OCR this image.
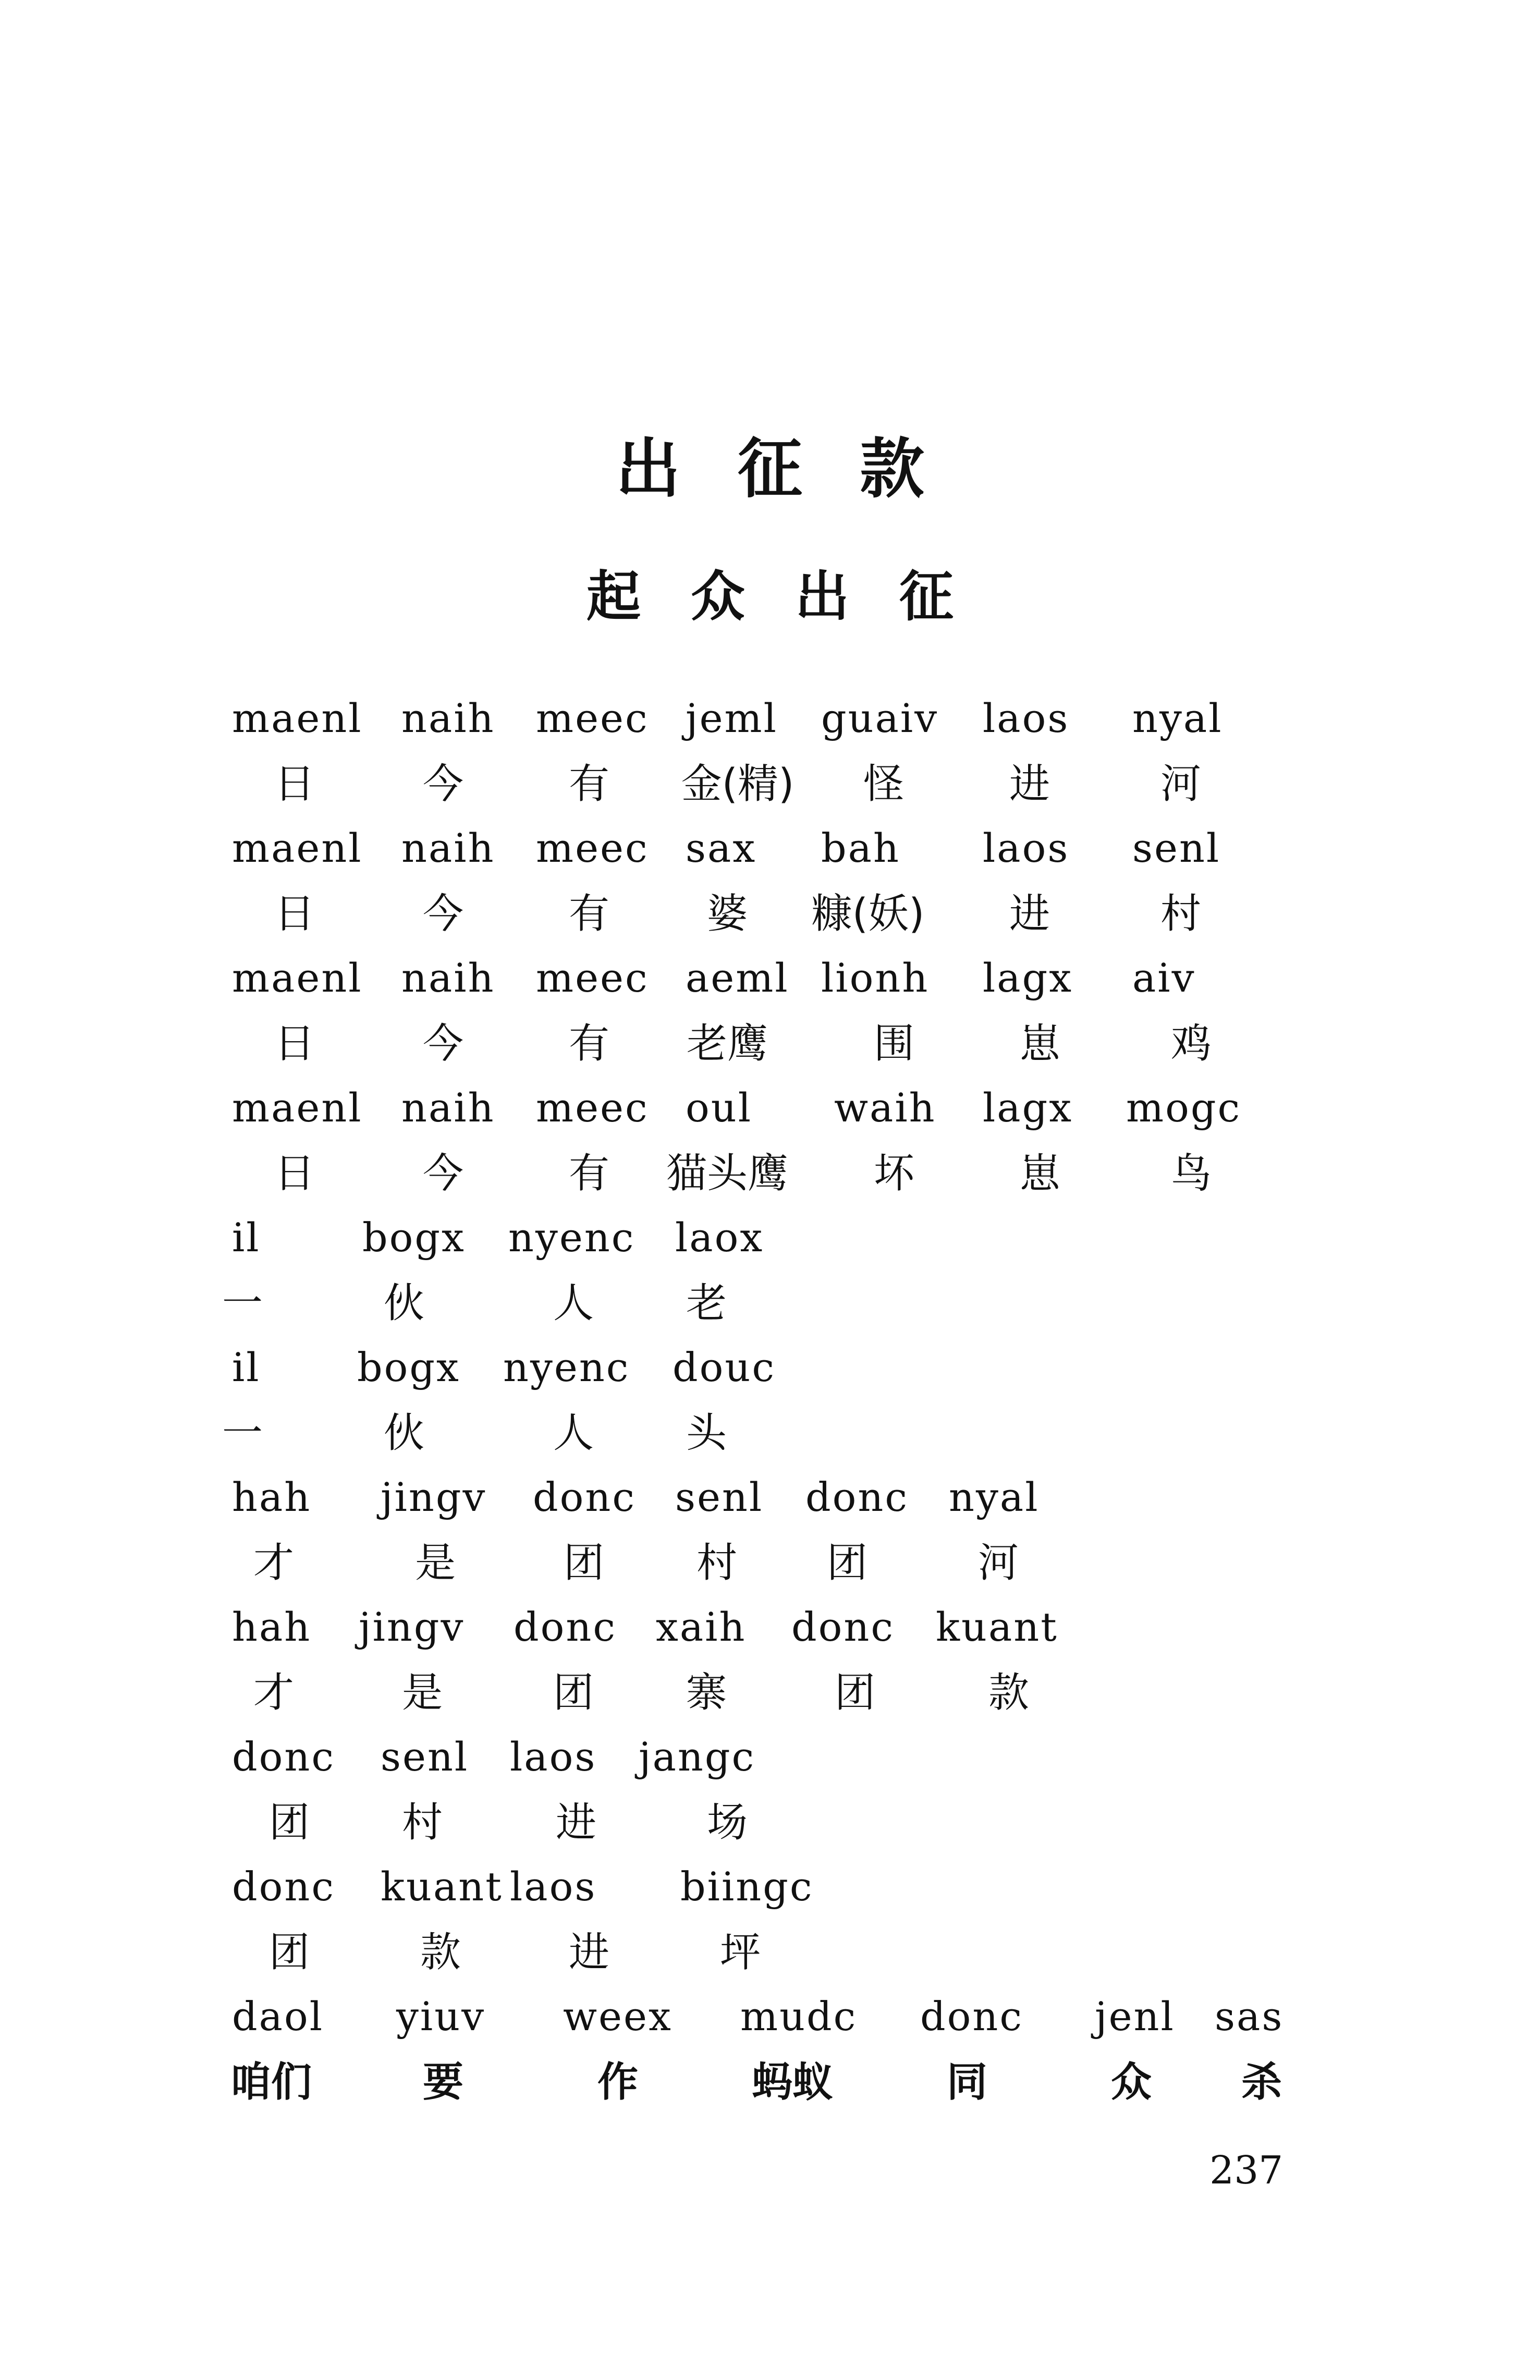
出征款
起众出征
maenl naih meec jeml guaiv laos nyal
日	今	有 金(精) 怪	进	河
maenl naih meec sax bah laos senl
日	今	有 婆 糠(妖) 进	村
maenl naih meec aeml lionh lagx aiv
日	今	有 老鹰	围	崽	鸡
maenl naih meec oul waih lagx mogc
日	今	有 猫头鹰 坏	崽	鸟
il	bogx nyenc laox
一	伙	人 老
il bogx nyenc douc
一	伙	人 头
hah jingv donc senl donc nyal
才	是	团 村 团	河
hah jingv donc xaih donc kuant
才	是	团 寨	团	款
donc senl laos jangc
团 村	进	场
donc kuant laos biingc
团	款	进	坪
daol yiuv weex mudc donc jenl sas
咱们	要	作	蚂蚁	同	众 杀
237
